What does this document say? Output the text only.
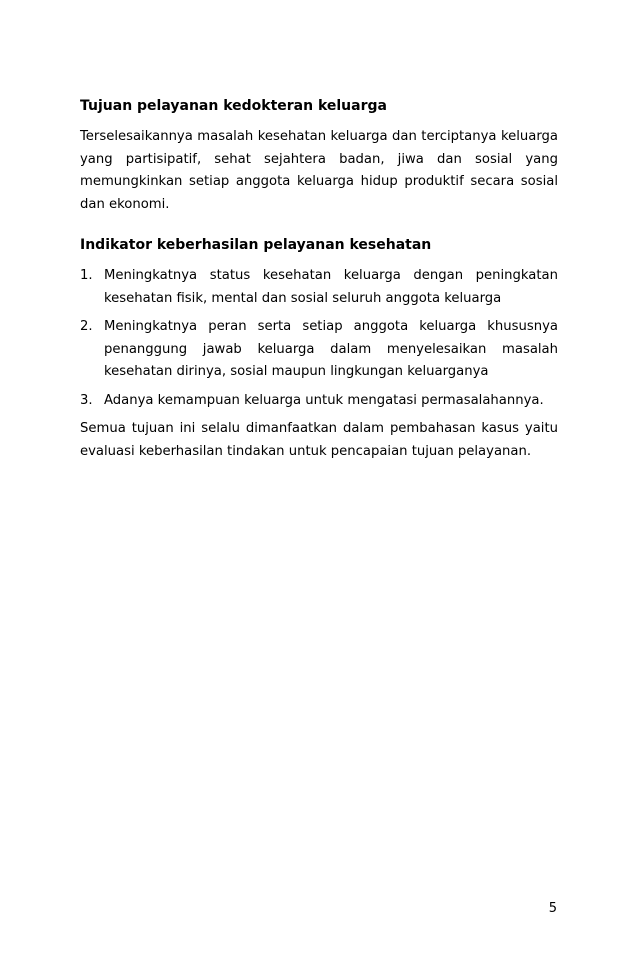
Tujuan pelayanan kedokteran keluarga

Terselesaikannya masalah kesehatan keluarga dan terciptanya keluarga yang partisipatif, sehat sejahtera badan, jiwa dan sosial yang memungkinkan setiap anggota keluarga hidup produktif secara sosial dan ekonomi.

Indikator keberhasilan pelayanan kesehatan
1. Meningkatnya status kesehatan keluarga dengan peningkatan kesehatan fisik, mental dan sosial seluruh anggota keluarga
2. Meningkatnya peran serta setiap anggota keluarga khususnya penanggung jawab keluarga dalam menyelesaikan masalah kesehatan dirinya, sosial maupun lingkungan keluarganya
3. Adanya kemampuan keluarga untuk mengatasi permasalahannya.

Semua tujuan ini selalu dimanfaatkan dalam pembahasan kasus yaitu evaluasi keberhasilan tindakan untuk pencapaian tujuan pelayanan.

5
